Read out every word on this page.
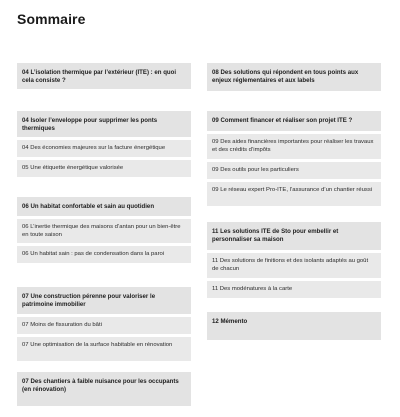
Sommaire
04 L’isolation thermique par l’extérieur (ITE) : en quoi cela consiste ?
04 Isoler l’enveloppe pour supprimer les ponts thermiques
04 Des économies majeures sur la facture énergétique
05 Une étiquette énergétique valorisée
06 Un habitat confortable et sain au quotidien
06 L’inertie thermique des maisons d’antan pour un bien-être en toute saison
06 Un habitat sain : pas de condensation dans la paroi
07 Une construction pérenne pour valoriser le patrimoine immobilier
07 Moins de fissuration du bâti
07 Une optimisation de la surface habitable en rénovation
07 Des chantiers à faible nuisance pour les occupants (en rénovation)
08 Des solutions qui répondent en tous points aux enjeux réglementaires et aux labels
09 Comment financer et réaliser son projet ITE ?
09 Des aides financières importantes pour réaliser les travaux et des crédits d’impôts
09 Des outils pour les particuliers
09 Le réseau expert Pro-ITE, l’assurance d’un chantier réussi
11 Les solutions ITE de Sto pour embellir et personnaliser sa maison
11 Des solutions de finitions et des isolants adaptés au goût de chacun
11 Des modénatures à la carte
12 Mémento
